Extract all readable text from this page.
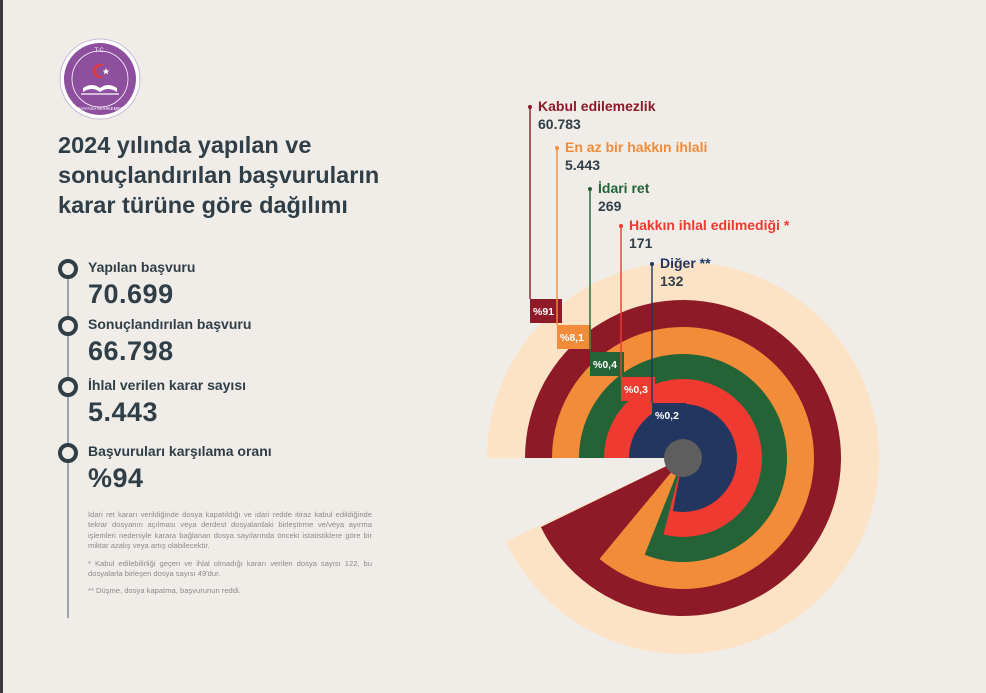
T.C.
ANAYASA MAHKEMESİ
2024 yılında yapılan ve
sonuçlandırılan başvuruların
karar türüne göre dağılımı
Yapılan başvuru
70.699
Sonuçlandırılan başvuru
66.798
İhlal verilen karar sayısı
5.443
Başvuruları karşılama oranı
%94

İdari ret kararı verildiğinde dosya kapatıldığı ve idari redde itiraz kabul edildiğinde tekrar dosyanın açılması veya derdest dosyalardaki birleştirme ve/veya ayırma işlemleri nedeniyle karara bağlanan dosya sayılarında önceki istatistiklere göre bir miktar azalış veya artış olabilecektir.

* Kabul edilebilirliği geçen ve ihlal olmadığı kararı verilen dosya sayısı 122, bu dosyalarla birleşen dosya sayısı 49'dur.

** Düşme, dosya kapatma, başvurunun reddi.

%91
Kabul edilemezlik
60.783
%8,1
En az bir hakkın ihlali
5.443
%0,4
İdari ret
269
%0,3
Hakkın ihlal edilmediği *
171
%0,2
Diğer **
132
